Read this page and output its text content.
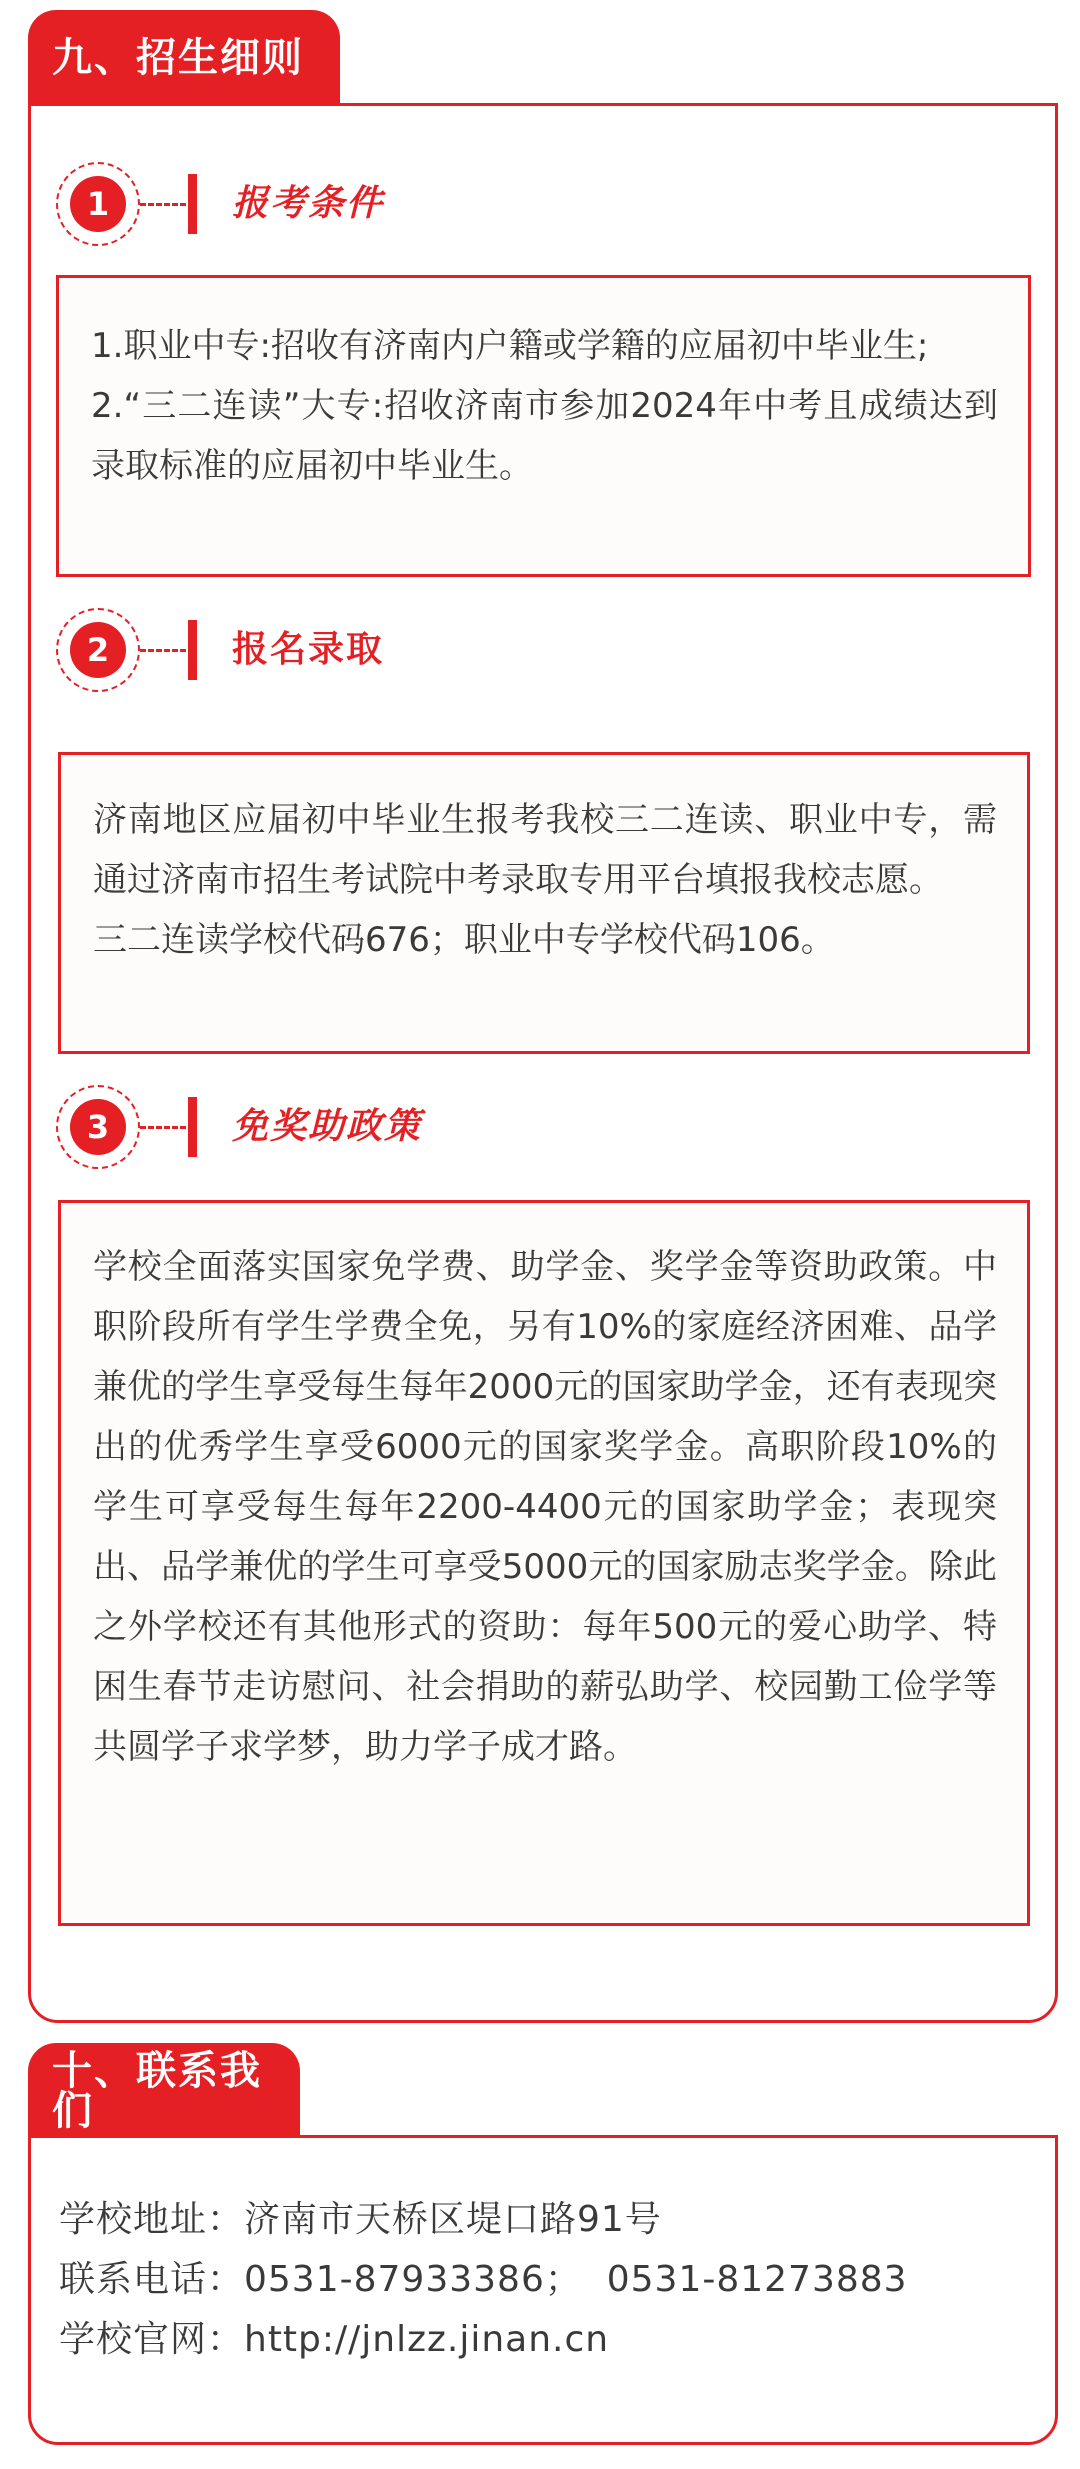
九、招生细则
1	报考条件
1.职业中专:招收有济南内户籍或学籍的应届初中毕业生;
2.“三二连读”大专:招收济南市参加2024年中考且成绩达到录取标准的应届初中毕业生。
2	报名录取
济南地区应届初中毕业生报考我校三二连读、职业中专，需通过济南市招生考试院中考录取专用平台填报我校志愿。
三二连读学校代码676；职业中专学校代码106。
3	免奖助政策
学校全面落实国家免学费、助学金、奖学金等资助政策。中职阶段所有学生学费全免，另有10%的家庭经济困难、品学兼优的学生享受每生每年2000元的国家助学金，还有表现突出的优秀学生享受6000元的国家奖学金。高职阶段10%的学生可享受每生每年2200-4400元的国家助学金；表现突出、品学兼优的学生可享受5000元的国家励志奖学金。除此之外学校还有其他形式的资助：每年500元的爱心助学、特困生春节走访慰问、社会捐助的薪弘助学、校园勤工俭学等共圆学子求学梦，助力学子成才路。
十、联系我们
学校地址：济南市天桥区堤口路91号
联系电话：0531-87933386；  0531-81273883
学校官网：http://jnlzz.jinan.cn
